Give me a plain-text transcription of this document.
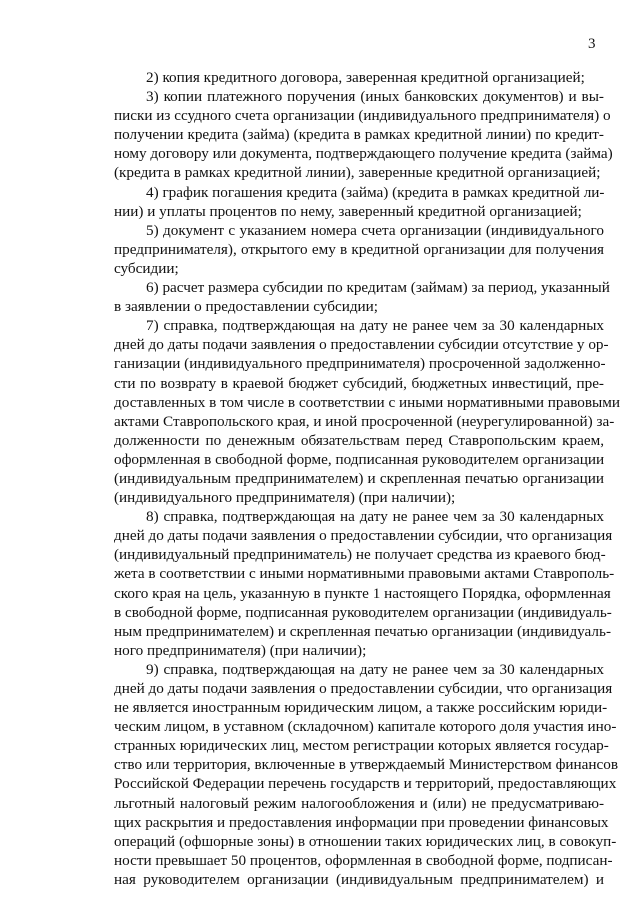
3
2) копия кредитного договора, заверенная кредитной организацией;
3) копии платежного поручения (иных банковских документов) и вы-
писки из ссудного счета организации (индивидуального предпринимателя) о
получении кредита (займа) (кредита в рамках кредитной линии) по кредит-
ному договору или документа, подтверждающего получение кредита (займа)
(кредита в рамках кредитной линии), заверенные кредитной организацией;
4) график погашения кредита (займа) (кредита в рамках кредитной ли-
нии) и уплаты процентов по нему, заверенный кредитной организацией;
5) документ с указанием номера счета организации (индивидуального
предпринимателя), открытого ему в кредитной организации для получения
субсидии;
6) расчет размера субсидии по кредитам (займам) за период, указанный
в заявлении о предоставлении субсидии;
7) справка, подтверждающая на дату не ранее чем за 30 календарных
дней до даты подачи заявления о предоставлении субсидии отсутствие у ор-
ганизации (индивидуального предпринимателя) просроченной задолженно-
сти по возврату в краевой бюджет субсидий, бюджетных инвестиций, пре-
доставленных в том числе в соответствии с иными нормативными правовыми
актами Ставропольского края, и иной просроченной (неурегулированной) за-
долженности по денежным обязательствам перед Ставропольским краем,
оформленная в свободной форме, подписанная руководителем организации
(индивидуальным предпринимателем) и скрепленная печатью организации
(индивидуального предпринимателя) (при наличии);
8) справка, подтверждающая на дату не ранее чем за 30 календарных
дней до даты подачи заявления о предоставлении субсидии, что организация
(индивидуальный предприниматель) не получает средства из краевого бюд-
жета в соответствии с иными нормативными правовыми актами Ставрополь-
ского края на цель, указанную в пункте 1 настоящего Порядка, оформленная
в свободной форме, подписанная руководителем организации (индивидуаль-
ным предпринимателем) и скрепленная печатью организации (индивидуаль-
ного предпринимателя) (при наличии);
9) справка, подтверждающая на дату не ранее чем за 30 календарных
дней до даты подачи заявления о предоставлении субсидии, что организация
не является иностранным юридическим лицом, а также российским юриди-
ческим лицом, в уставном (складочном) капитале которого доля участия ино-
странных юридических лиц, местом регистрации которых является государ-
ство или территория, включенные в утверждаемый Министерством финансов
Российской Федерации перечень государств и территорий, предоставляющих
льготный налоговый режим налогообложения и (или) не предусматриваю-
щих раскрытия и предоставления информации при проведении финансовых
операций (офшорные зоны) в отношении таких юридических лиц, в совокуп-
ности превышает 50 процентов, оформленная в свободной форме, подписан-
ная руководителем организации (индивидуальным предпринимателем) и
